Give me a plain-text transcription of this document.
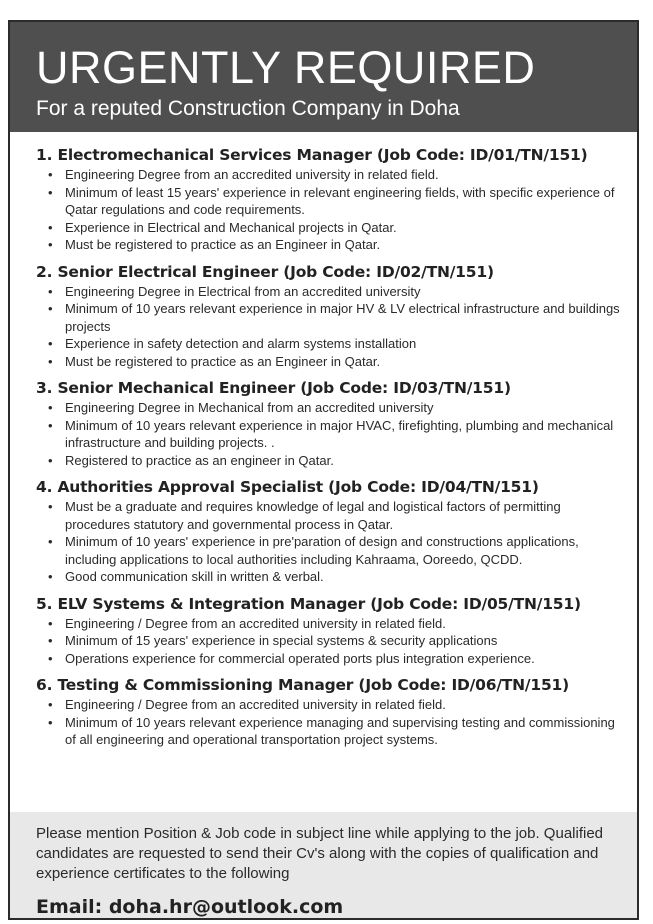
URGENTLY REQUIRED
For a reputed Construction Company in Doha
1. Electromechanical Services Manager (Job Code: ID/01/TN/151)
• Engineering Degree from an accredited university in related field.
• Minimum of least 15 years' experience in relevant engineering fields, with specific experience of Qatar regulations and code requirements.
• Experience in Electrical and Mechanical projects in Qatar.
• Must be registered to practice as an Engineer in Qatar.
2. Senior Electrical Engineer (Job Code: ID/02/TN/151)
• Engineering Degree in Electrical from an accredited university
• Minimum of 10 years relevant experience in major HV & LV electrical infrastructure and buildings projects
• Experience in safety detection and alarm systems installation
• Must be registered to practice as an Engineer in Qatar.
3. Senior Mechanical Engineer (Job Code: ID/03/TN/151)
• Engineering Degree in Mechanical from an accredited university
• Minimum of 10 years relevant experience in major HVAC, firefighting, plumbing and mechanical infrastructure and building projects. .
• Registered to practice as an engineer in Qatar.
4. Authorities Approval Specialist (Job Code: ID/04/TN/151)
• Must be a graduate and requires knowledge of legal and logistical factors of permitting procedures statutory and governmental process in Qatar.
• Minimum of 10 years' experience in pre'paration of design and constructions applications, including applications to local authorities including Kahraama, Ooreedo, QCDD.
• Good communication skill in written & verbal.
5. ELV Systems & Integration Manager (Job Code: ID/05/TN/151)
• Engineering / Degree from an accredited university in related field.
• Minimum of 15 years' experience in special systems & security applications
• Operations experience for commercial operated ports plus integration experience.
6. Testing & Commissioning Manager (Job Code: ID/06/TN/151)
• Engineering / Degree from an accredited university in related field.
• Minimum of 10 years relevant experience managing and supervising testing and commissioning of all engineering and operational transportation project systems.
Please mention Position & Job code in subject line while applying to the job. Qualified candidates are requested to send their Cv's along with the copies of qualification and experience certificates to the following
Email: doha.hr@outlook.com
